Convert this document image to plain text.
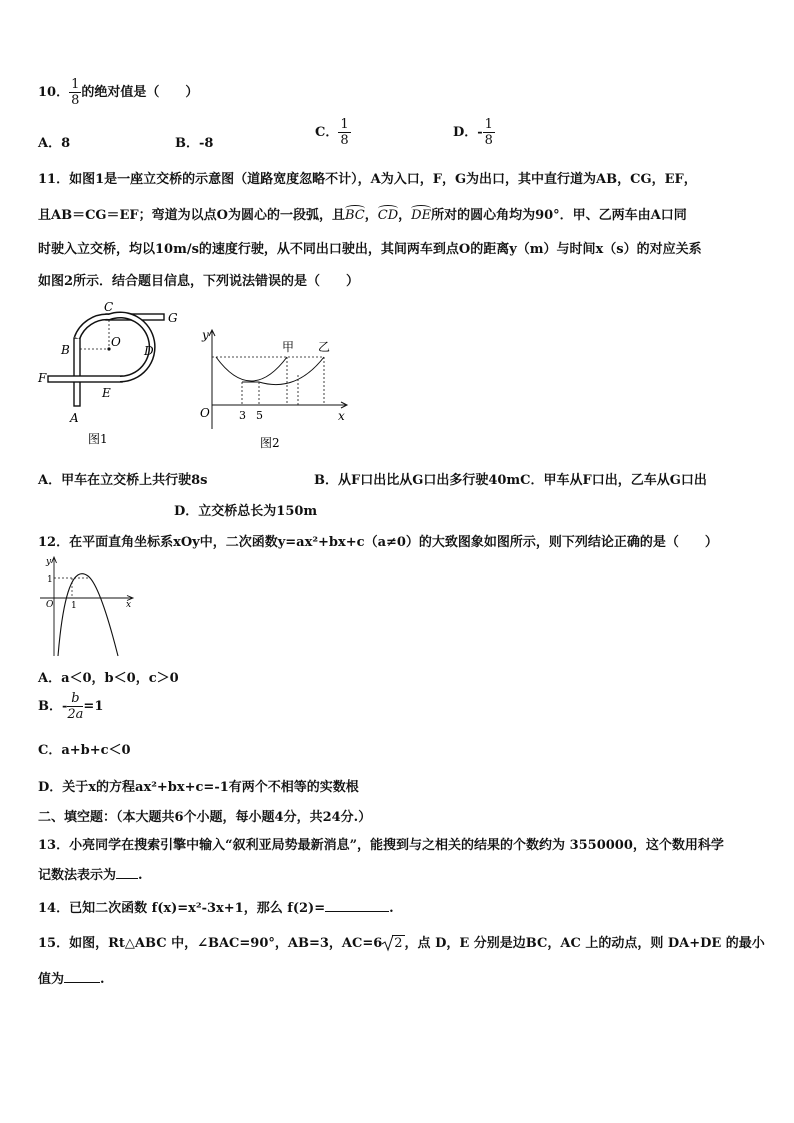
10． $\frac{1}{8}$ 的绝对值是（　　）
A．8	B．-8
C． $\frac{1}{8}$	D．- $\frac{1}{8}$
11．如图1是一座立交桥的示意图（道路宽度忽略不计），A为入口，F，G为出口，其中直行道为AB，CG，EF，
且AB＝CG＝EF；弯道为以点O为圆心的一段弧，且BC，CD，DE所对的圆心角均为90°．甲、乙两车由A口同
时驶入立交桥，均以10m/s的速度行驶，从不同出口驶出，其间两车到点O的距离y（m）与时间x（s）的对应关系
如图2所示．结合题目信息，下列说法错误的是（　　）
C
G
B
O
D
F
E
A
图1
y
甲 乙
O	3 5	x
图2
A．甲车在立交桥上共行驶8s	B．从F口出比从G口出多行驶40mC．甲车从F口出，乙车从G口出
D．立交桥总长为150m
12．在平面直角坐标系xOy中，二次函数y=ax²+bx+c（a≠0）的大致图象如图所示，则下列结论正确的是（　　）
y
1
O 1	x
A．a＜0，b＜0，c＞0
B．- $\frac{b}{2a} =1$
C．a+b+c＜0
D．关于x的方程ax²+bx+c=-1有两个不相等的实数根
二、填空题：（本大题共6个小题，每小题4分，共24分.）
13．小亮同学在搜索引擎中输入“叙利亚局势最新消息”，能搜到与之相关的结果的个数约为 3550000，这个数用科学
记数法表示为 .
14．已知二次函数 f(x)=x²-3x+1，那么 f(2)=	.
15．如图，Rt△ABC 中，∠BAC=90°，AB=3，AC=6 2 ，点 D，E 分别是边BC，AC 上的动点，则 DA+DE 的最小
值为	.
